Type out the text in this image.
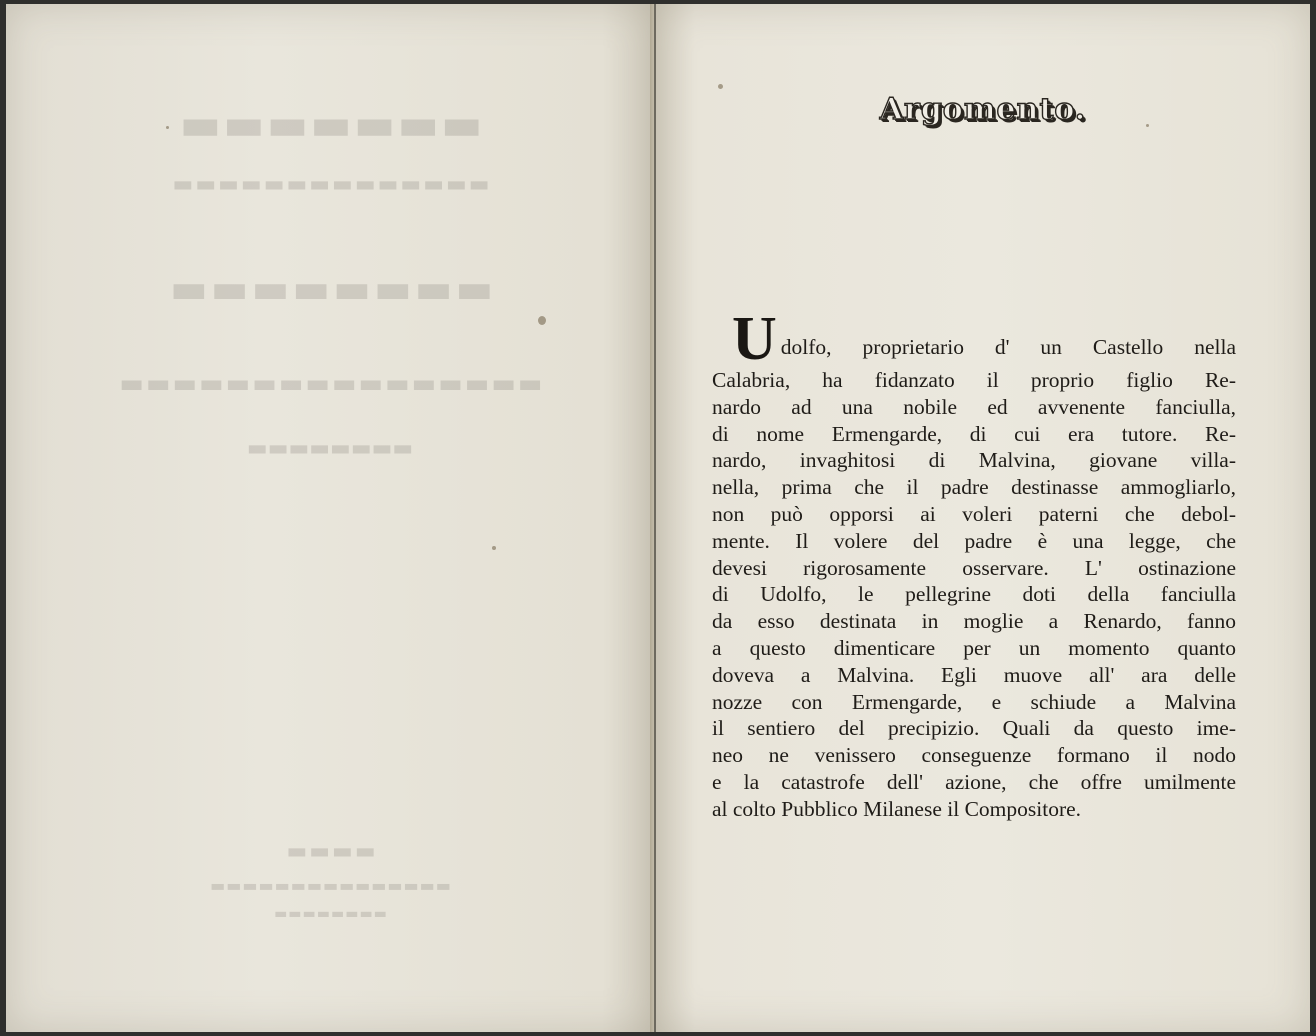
▬▬▬▬▬▬▬
▬▬▬▬▬▬▬▬▬▬▬▬▬▬
▬▬▬▬▬▬▬▬
▬▬▬▬▬▬▬▬▬▬▬▬▬▬▬▬
▬▬▬▬▬▬▬▬
▬▬▬▬
▬▬▬▬▬▬▬▬▬▬▬▬▬▬▬
▬▬▬▬▬▬▬▬
Argomento.
U dolfo, proprietario d' un Castello nella
Calabria, ha fidanzato il proprio figlio Re-
nardo ad una nobile ed avvenente fanciulla,
di nome Ermengarde, di cui era tutore. Re-
nardo, invaghitosi di Malvina, giovane villa-
nella, prima che il padre destinasse ammogliarlo,
non può opporsi ai voleri paterni che debol-
mente. Il volere del padre è una legge, che
devesi rigorosamente osservare. L' ostinazione
di Udolfo, le pellegrine doti della fanciulla
da esso destinata in moglie a Renardo, fanno
a questo dimenticare per un momento quanto
doveva a Malvina. Egli muove all' ara delle
nozze con Ermengarde, e schiude a Malvina
il sentiero del precipizio. Quali da questo ime-
neo ne venissero conseguenze formano il nodo
e la catastrofe dell' azione, che offre umilmente
al colto Pubblico Milanese il Compositore.
